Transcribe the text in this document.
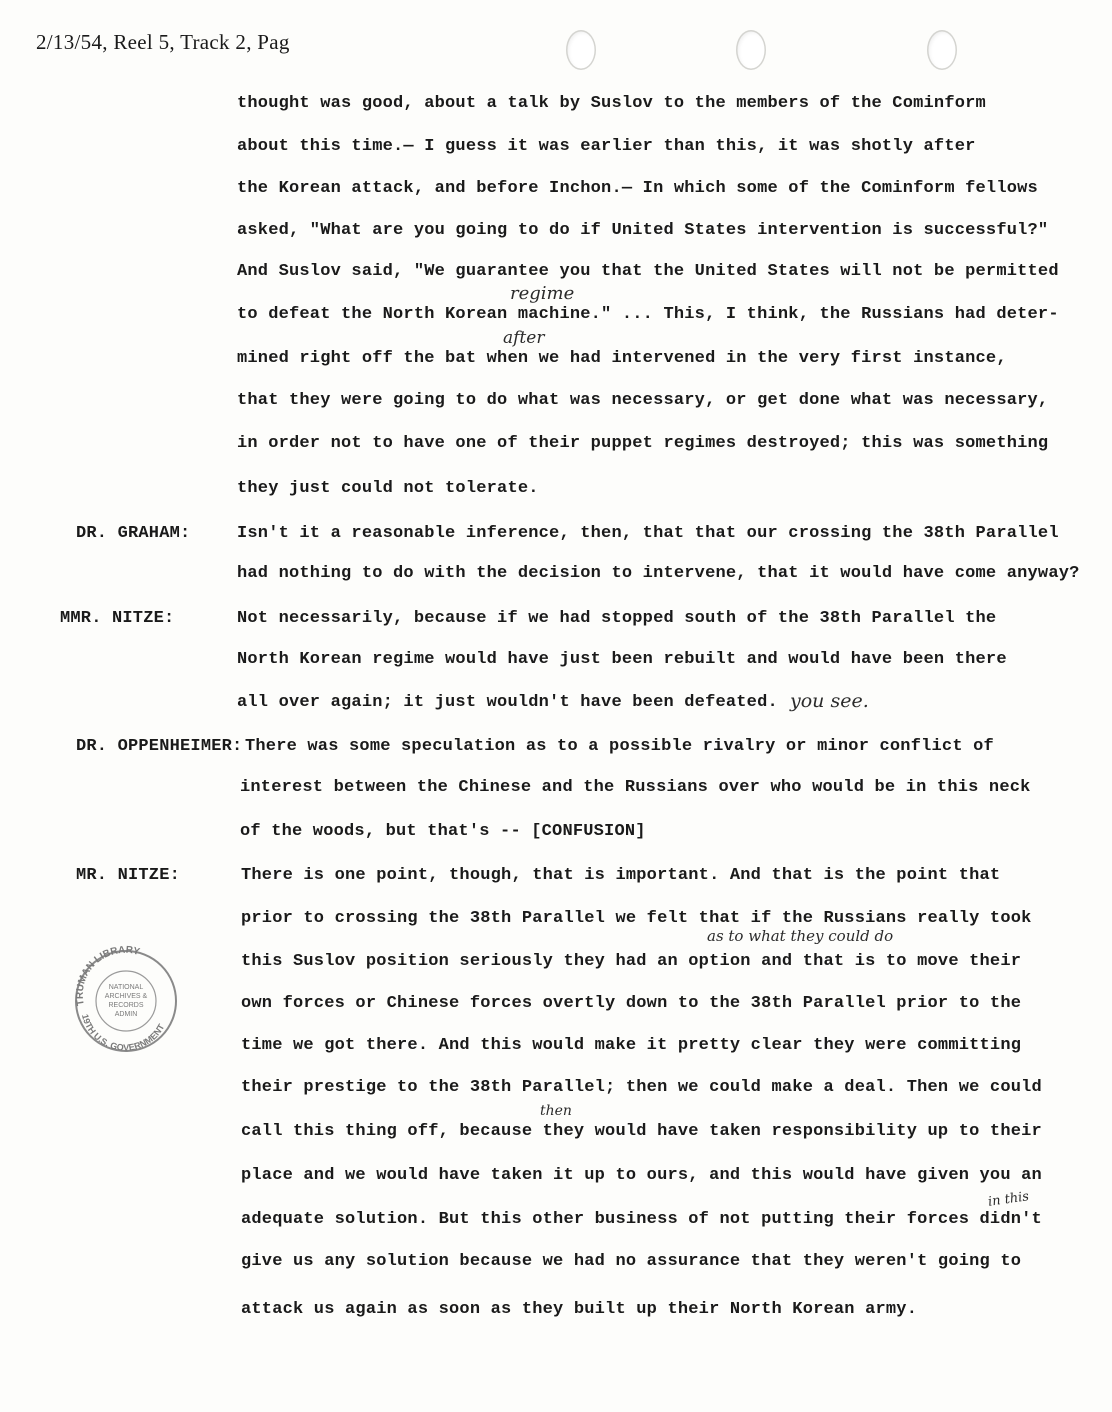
2/13/54, Reel 5, Track 2, Pag
thought was good, about a talk by Suslov to the members of the Cominform
about this time.— I guess it was earlier than this, it was shotly after
the Korean attack, and before Inchon.— In which some of the Cominform fellows
asked, "What are you going to do if United States intervention is successful?"
And Suslov said, "We guarantee you that the United States will not be permitted
to defeat the North Korean machine." ... This, I think, the Russians had deter-
mined right off the bat when we had intervened in the very first instance,
that they were going to do what was necessary, or get done what was necessary,
in order not to have one of their puppet regimes destroyed; this was something
they just could not tolerate.
DR. GRAHAM:	Isn't it a reasonable inference, then, that that our crossing the 38th Parallel
had nothing to do with the decision to intervene, that it would have come anyway?
MMR. NITZE:	Not necessarily, because if we had stopped south of the 38th Parallel the
North Korean regime would have just been rebuilt and would have been there
all over again; it just wouldn't have been defeated.
DR. OPPENHEIMER: There was some speculation as to a possible rivalry or minor conflict of
interest between the Chinese and the Russians over who would be in this neck
of the woods, but that's -- [CONFUSION]
MR. NITZE:	There is one point, though, that is important. And that is the point that
prior to crossing the 38th Parallel we felt that if the Russians really took
this Suslov position seriously they had an option and that is to move their
own forces or Chinese forces overtly down to the 38th Parallel prior to the
time we got there. And this would make it pretty clear they were committing
their prestige to the 38th Parallel; then we could make a deal. Then we could
call this thing off, because they would have taken responsibility up to their
place and we would have taken it up to ours, and this would have given you an
adequate solution. But this other business of not putting their forces didn't
give us any solution because we had no assurance that they weren't going to
attack us again as soon as they built up their North Korean army.
regime
after
you see.
as to what they could do
then
in this
TRUMAN LIBRARY
19TH U.S. GOVERNMENT
NATIONAL
ARCHIVES &
RECORDS
ADMIN
